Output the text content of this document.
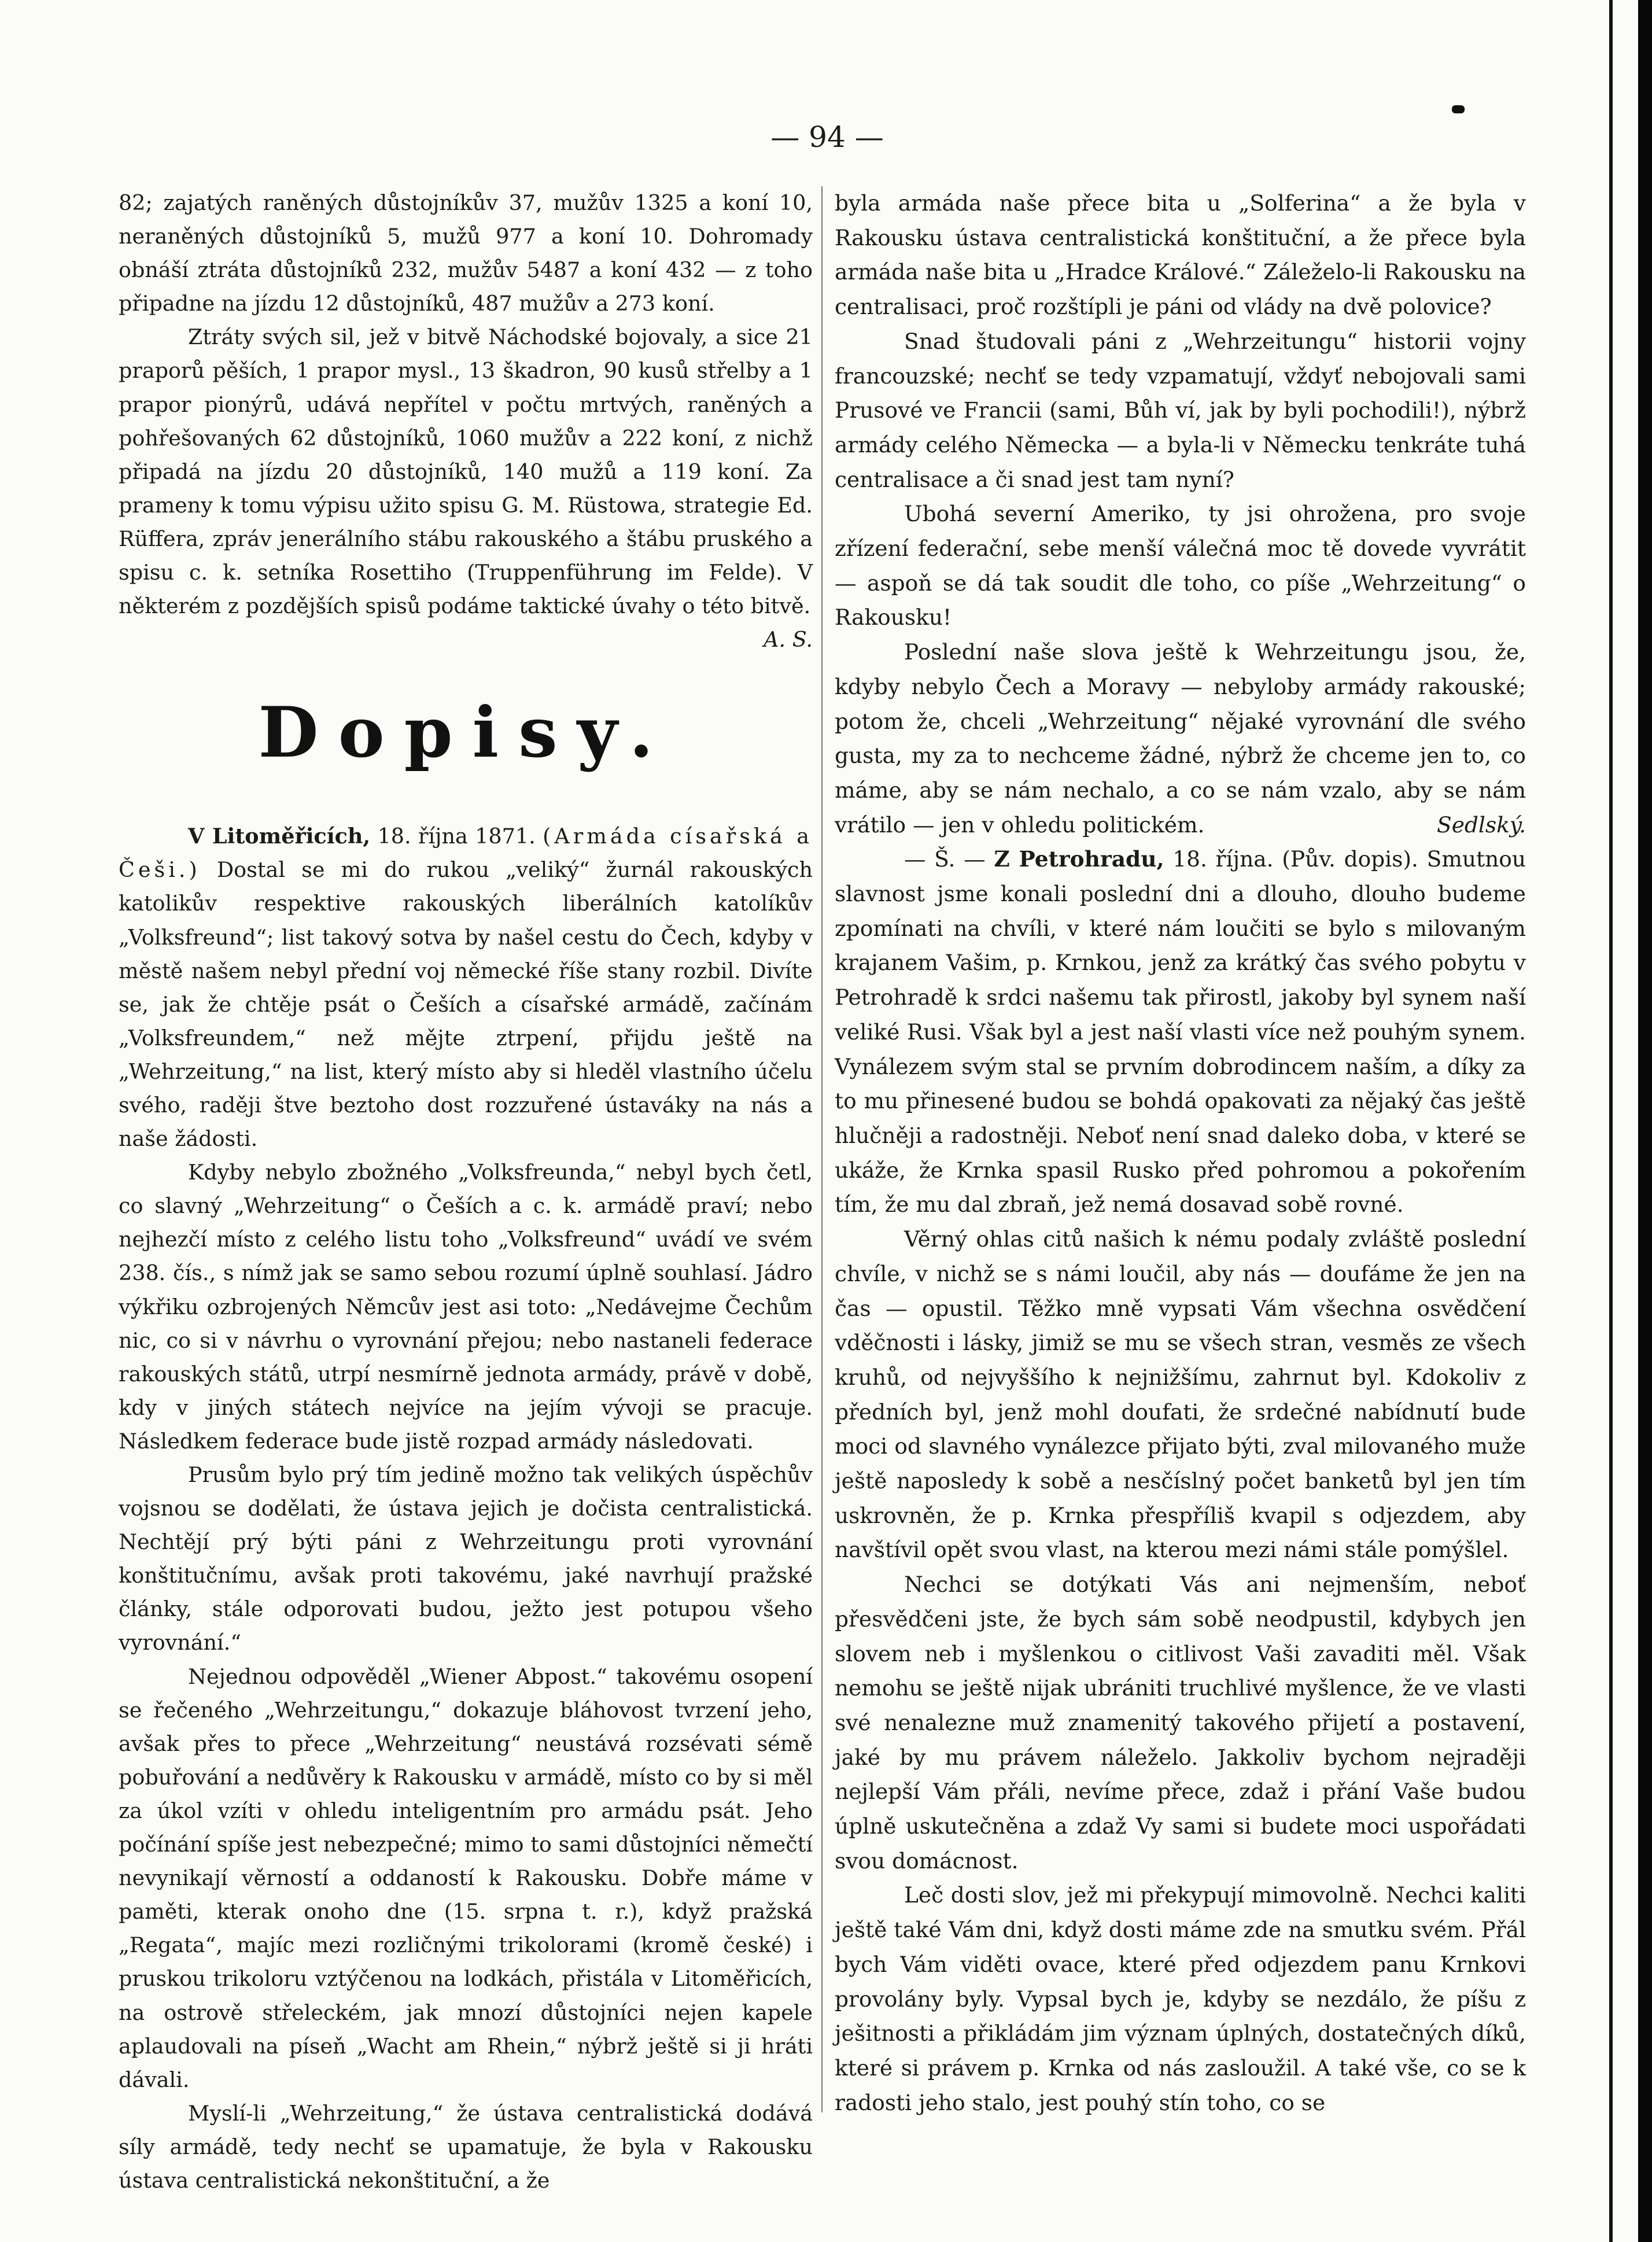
— 94 —

82; zajatých raněných důstojníkův 37, mužův 1325 a koní 10, neraněných důstojníků 5, mužů 977 a koní 10. Dohromady obnáší ztráta důstojníků 232, mužův 5487 a koní 432 — z toho připadne na jízdu 12 důstojníků, 487 mužův a 273 koní.

Ztráty svých sil, jež v bitvě Náchodské bojovaly, a sice 21 praporů pěších, 1 prapor mysl., 13 škadron, 90 kusů střelby a 1 prapor pionýrů, udává nepřítel v počtu mrtvých, raněných a pohřešovaných 62 důstojníků, 1060 mužův a 222 koní, z nichž připadá na jízdu 20 důstojníků, 140 mužů a 119 koní. Za prameny k tomu výpisu užito spisu G. M. Rüstowa, strategie Ed. Rüffera, zpráv jenerálního stábu rakouského a štábu pruského a spisu c. k. setníka Rosettiho (Truppenführung im Felde). V některém z pozdějších spisů podáme taktické úvahy o této bitvě.
A. S.

Dopisy.

V Litoměřicích, 18. října 1871. (Armáda císařská a Češi.) Dostal se mi do rukou „veliký“ žurnál rakouských katolikův respektive rakouských liberálních katolíkův „Volksfreund“; list takový sotva by našel cestu do Čech, kdyby v městě našem nebyl přední voj německé říše stany rozbil. Divíte se, jak že chtěje psát o Češích a císařské armádě, začínám „Volksfreundem,“ než mějte ztrpení, přijdu ještě na „Wehrzeitung,“ na list, který místo aby si hleděl vlastního účelu svého, raději štve beztoho dost rozzuřené ústaváky na nás a naše žádosti.

Kdyby nebylo zbožného „Volksfreunda,“ nebyl bych četl, co slavný „Wehrzeitung“ o Češích a c. k. armádě praví; nebo nejhezčí místo z celého listu toho „Volksfreund“ uvádí ve svém 238. čís., s nímž jak se samo sebou rozumí úplně souhlasí. Jádro výkřiku ozbrojených Němcův jest asi toto: „Nedávejme Čechům nic, co si v návrhu o vyrovnání přejou; nebo nastaneli federace rakouských států, utrpí nesmírně jednota armády, právě v době, kdy v jiných státech nejvíce na jejím vývoji se pracuje. Následkem federace bude jistě rozpad armády následovati.

Prusům bylo prý tím jedině možno tak velikých úspěchův vojsnou se dodělati, že ústava jejich je dočista centralistická. Nechtějí prý býti páni z Wehrzeitungu proti vyrovnání konštitučnímu, avšak proti takovému, jaké navrhují pražské články, stále odporovati budou, ježto jest potupou všeho vyrovnání.“

Nejednou odpověděl „Wiener Abpost.“ takovému osopení se řečeného „Wehrzeitungu,“ dokazuje bláhovost tvrzení jeho, avšak přes to přece „Wehrzeitung“ neustává rozsévati sémě pobuřování a nedůvěry k Rakousku v armádě, místo co by si měl za úkol vzíti v ohledu inteligentním pro armádu psát. Jeho počínání spíše jest nebezpečné; mimo to sami důstojníci němečtí nevynikají věrností a oddaností k Rakousku. Dobře máme v paměti, kterak onoho dne (15. srpna t. r.), když pražská „Regata“, majíc mezi rozličnými trikolorami (kromě české) i pruskou trikoloru vztýčenou na lodkách, přistála v Litoměřicích, na ostrově střeleckém, jak mnozí důstojníci nejen kapele aplaudovali na píseň „Wacht am Rhein,“ nýbrž ještě si ji hráti dávali.

Myslí-li „Wehrzeitung,“ že ústava centralistická dodává síly armádě, tedy nechť se upamatuje, že byla v Rakousku ústava centralistická nekonštituční, a že

byla armáda naše přece bita u „Solferina“ a že byla v Rakousku ústava centralistická konštituční, a že přece byla armáda naše bita u „Hradce Králové.“ Záleželo-li Rakousku na centralisaci, proč rozštípli je páni od vlády na dvě polovice?

Snad študovali páni z „Wehrzeitungu“ historii vojny francouzské; nechť se tedy vzpamatují, vždyť nebojovali sami Prusové ve Francii (sami, Bůh ví, jak by byli pochodili!), nýbrž armády celého Německa — a byla-li v Německu tenkráte tuhá centralisace a či snad jest tam nyní?

Ubohá severní Ameriko, ty jsi ohrožena, pro svoje zřízení federační, sebe menší válečná moc tě dovede vyvrátit — aspoň se dá tak soudit dle toho, co píše „Wehrzeitung“ o Rakousku!

Poslední naše slova ještě k Wehrzeitungu jsou, že, kdyby nebylo Čech a Moravy — nebyloby armády rakouské; potom že, chceli „Wehrzeitung“ nějaké vyrovnání dle svého gusta, my za to nechceme žádné, nýbrž že chceme jen to, co máme, aby se nám nechalo, a co se nám vzalo, aby se nám vrátilo — jen v ohledu politickém.	Sedlský.

— Š. — Z Petrohradu, 18. října. (Pův. dopis). Smutnou slavnost jsme konali poslední dni a dlouho, dlouho budeme zpomínati na chvíli, v které nám loučiti se bylo s milovaným krajanem Vašim, p. Krnkou, jenž za krátký čas svého pobytu v Petrohradě k srdci našemu tak přirostl, jakoby byl synem naší veliké Rusi. Však byl a jest naší vlasti více než pouhým synem. Vynálezem svým stal se prvním dobrodincem naším, a díky za to mu přinesené budou se bohdá opakovati za nějaký čas ještě hlučněji a radostněji. Neboť není snad daleko doba, v které se ukáže, že Krnka spasil Rusko před pohromou a pokořením tím, že mu dal zbraň, jež nemá dosavad sobě rovné.

Věrný ohlas citů našich k nému podaly zvláště poslední chvíle, v nichž se s námi loučil, aby nás — doufáme že jen na čas — opustil. Těžko mně vypsati Vám všechna osvědčení vděčnosti i lásky, jimiž se mu se všech stran, vesměs ze všech kruhů, od nejvyššího k nejnižšímu, zahrnut byl. Kdokoliv z předních byl, jenž mohl doufati, že srdečné nabídnutí bude moci od slavného vynálezce přijato býti, zval milovaného muže ještě naposledy k sobě a nesčíslný počet banketů byl jen tím uskrovněn, že p. Krnka přespříliš kvapil s odjezdem, aby navštívil opět svou vlast, na kterou mezi námi stále pomýšlel.

Nechci se dotýkati Vás ani nejmenším, neboť přesvědčeni jste, že bych sám sobě neodpustil, kdybych jen slovem neb i myšlenkou o citlivost Vaši zavaditi měl. Však nemohu se ještě nijak ubrániti truchlivé myšlence, že ve vlasti své nenalezne muž znamenitý takového přijetí a postavení, jaké by mu právem náleželo. Jakkoliv bychom nejraději nejlepší Vám přáli, nevíme přece, zdaž i přání Vaše budou úplně uskutečněna a zdaž Vy sami si budete moci uspořádati svou domácnost.

Leč dosti slov, jež mi překypují mimovolně. Nechci kaliti ještě také Vám dni, když dosti máme zde na smutku svém. Přál bych Vám viděti ovace, které před odjezdem panu Krnkovi provolány byly. Vypsal bych je, kdyby se nezdálo, že píšu z ješitnosti a přikládám jim význam úplných, dostatečných díků, které si právem p. Krnka od nás zasloužil. A také vše, co se k radosti jeho stalo, jest pouhý stín toho, co se
